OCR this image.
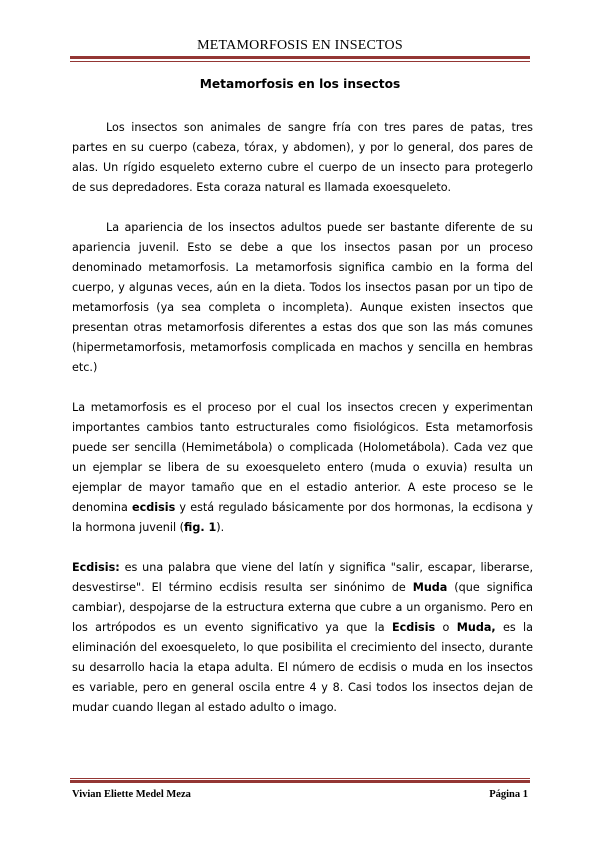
METAMORFOSIS EN INSECTOS
Metamorfosis en los insectos

Los insectos son animales de sangre fría con tres pares de patas, tres partes en su cuerpo (cabeza, tórax, y abdomen), y por lo general, dos pares de alas. Un rígido esqueleto externo cubre el cuerpo de un insecto para protegerlo de sus depredadores. Esta coraza natural es llamada exoesqueleto.

La apariencia de los insectos adultos puede ser bastante diferente de su apariencia juvenil. Esto se debe a que los insectos pasan por un proceso denominado metamorfosis. La metamorfosis significa cambio en la forma del cuerpo, y algunas veces, aún en la dieta. Todos los insectos pasan por un tipo de metamorfosis (ya sea completa o incompleta). Aunque existen insectos que presentan otras metamorfosis diferentes a estas dos que son las más comunes (hipermetamorfosis, metamorfosis complicada en machos y sencilla en hembras etc.)

La metamorfosis es el proceso por el cual los insectos crecen y experimentan importantes cambios tanto estructurales como fisiológicos. Esta metamorfosis puede ser sencilla (Hemimetábola) o complicada (Holometábola). Cada vez que un ejemplar se libera de su exoesqueleto entero (muda o exuvia) resulta un ejemplar de mayor tamaño que en el estadio anterior. A este proceso se le denomina ecdisis y está regulado básicamente por dos hormonas, la ecdisona y la hormona juvenil (fig. 1).

Ecdisis: es una palabra que viene del latín y significa "salir, escapar, liberarse, desvestirse". El término ecdisis resulta ser sinónimo de Muda (que significa cambiar), despojarse de la estructura externa que cubre a un organismo. Pero en los artrópodos es un evento significativo ya que la Ecdisis o Muda, es la eliminación del exoesqueleto, lo que posibilita el crecimiento del insecto, durante su desarrollo hacia la etapa adulta. El número de ecdisis o muda en los insectos es variable, pero en general oscila entre 4 y 8. Casi todos los insectos dejan de mudar cuando llegan al estado adulto o imago.

Vivian Eliette Medel Meza	Página 1
